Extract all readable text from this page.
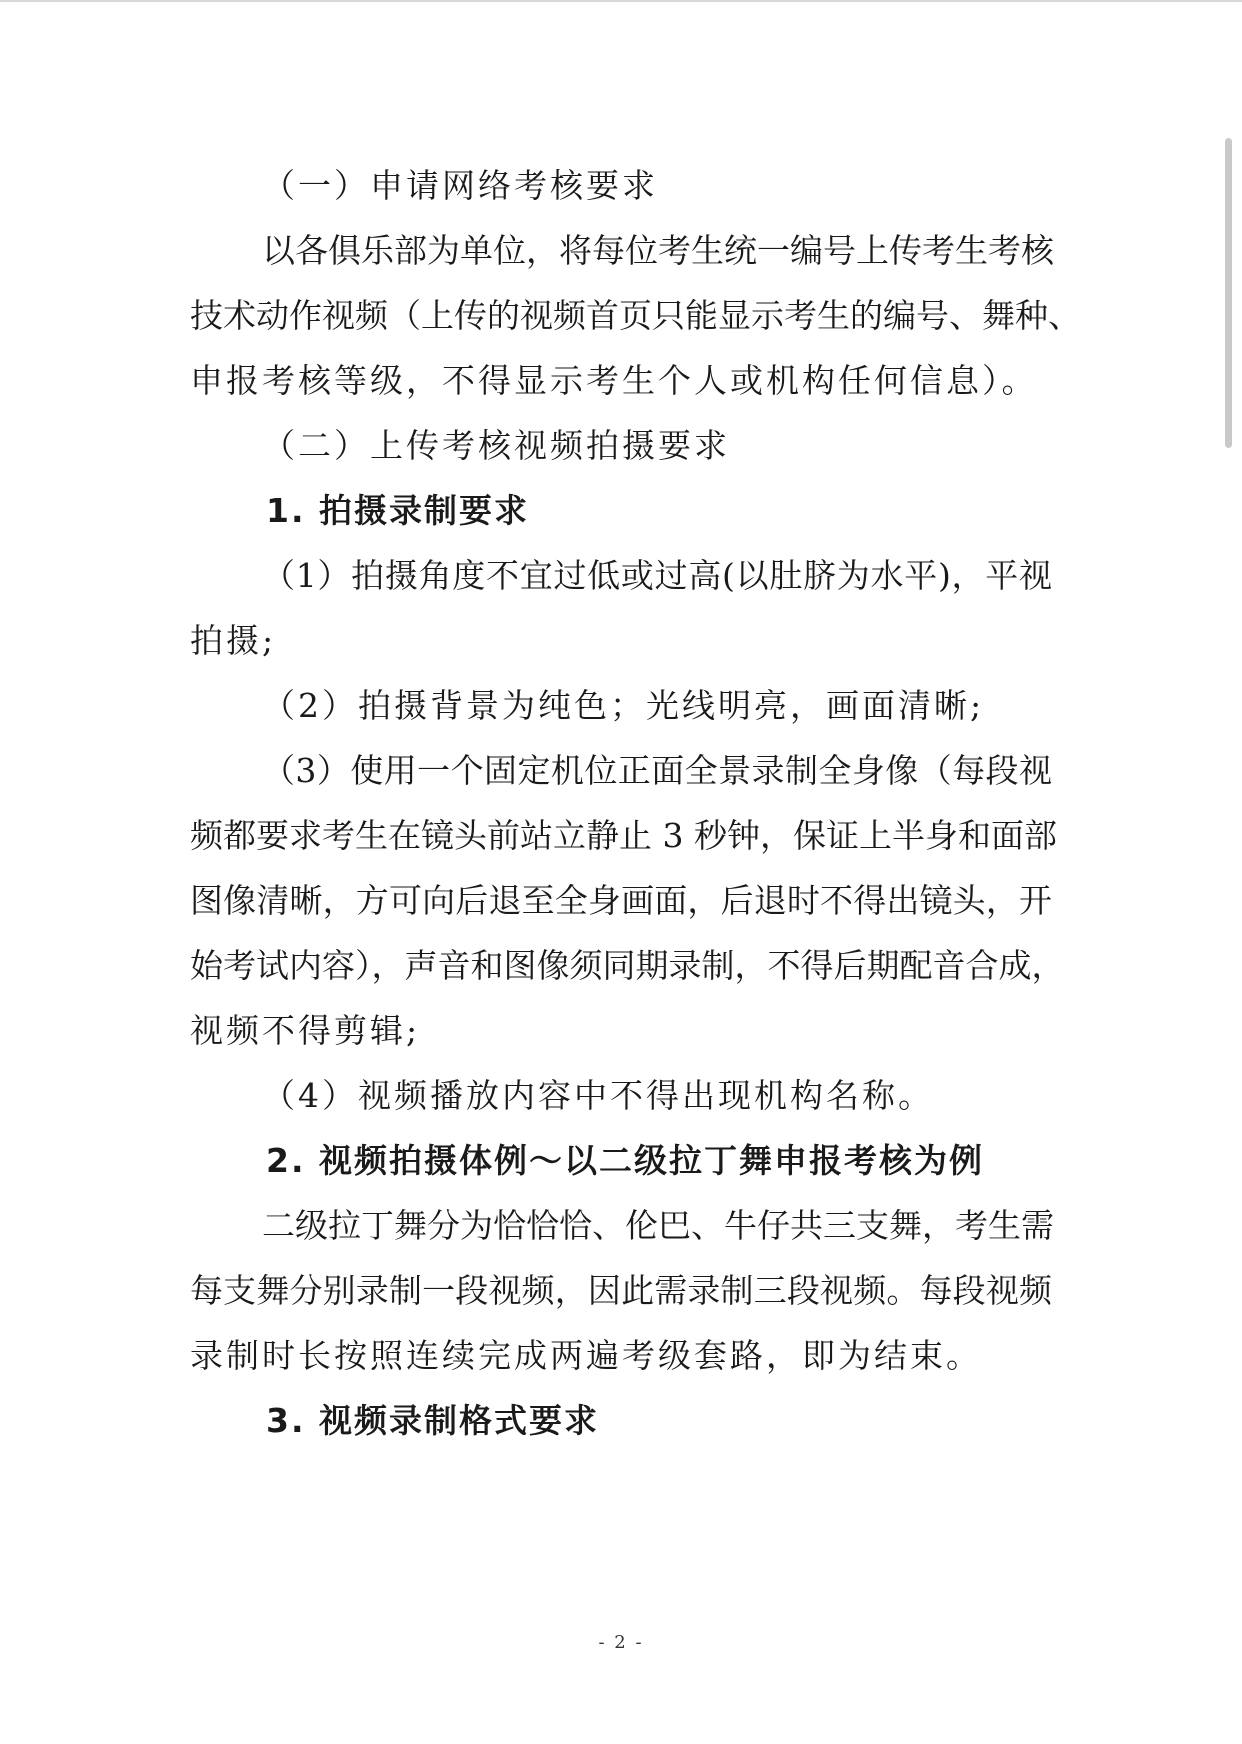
（一）申请网络考核要求
以各俱乐部为单位，将每位考生统一编号上传考生考核
技术动作视频（上传的视频首页只能显示考生的编号、舞种、
申报考核等级，不得显示考生个人或机构任何信息）。
（二）上传考核视频拍摄要求
1. 拍摄录制要求
（1）拍摄角度不宜过低或过高(以肚脐为水平)，平视
拍摄;
（2）拍摄背景为纯色；光线明亮，画面清晰;
（3）使用一个固定机位正面全景录制全身像（每段视
频都要求考生在镜头前站立静止 3 秒钟，保证上半身和面部
图像清晰，方可向后退至全身画面，后退时不得出镜头，开
始考试内容），声音和图像须同期录制，不得后期配音合成，
视频不得剪辑;
（4）视频播放内容中不得出现机构名称。
2. 视频拍摄体例～以二级拉丁舞申报考核为例
二级拉丁舞分为恰恰恰、伦巴、牛仔共三支舞，考生需
每支舞分别录制一段视频，因此需录制三段视频。每段视频
录制时长按照连续完成两遍考级套路，即为结束。
3. 视频录制格式要求
- 2 -
